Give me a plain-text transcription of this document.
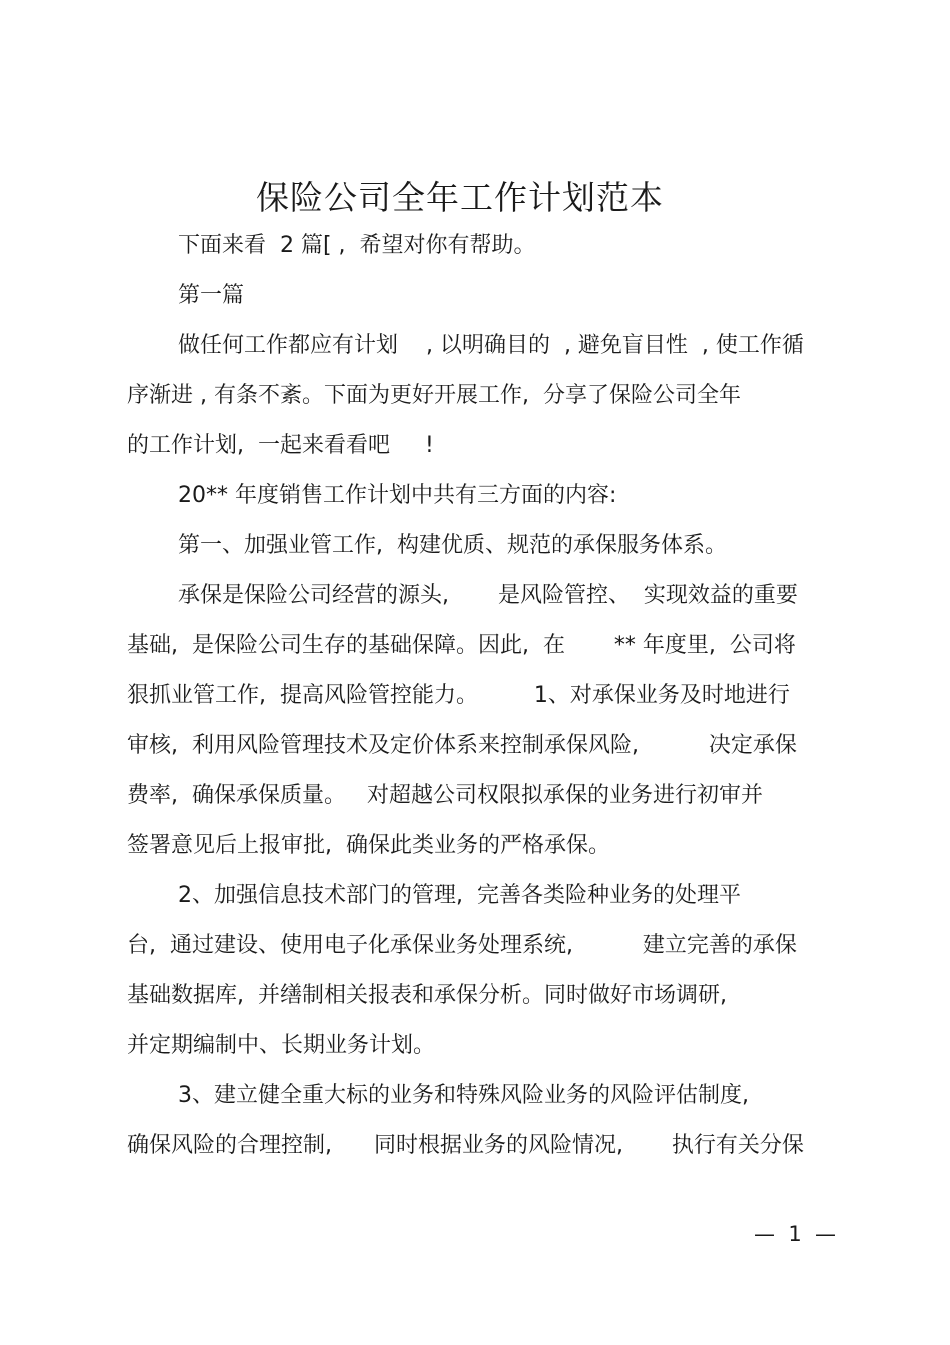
保险公司全年工作计划范本
下面来看  2 篇[ ,  希望对你有帮助。
第一篇
做任何工作都应有计划    , 以明确目的  , 避免盲目性  , 使工作循
序渐进 , 有条不紊。下面为更好开展工作,  分享了保险公司全年
的工作计划,  一起来看看吧     !
20** 年度销售工作计划中共有三方面的内容:
第一、加强业管工作,  构建优质、规范的承保服务体系。
承保是保险公司经营的源头,       是风险管控、  实现效益的重要
基础,  是保险公司生存的基础保障。因此,  在       ** 年度里,  公司将
狠抓业管工作,  提高风险管控能力。        1、对承保业务及时地进行
审核,  利用风险管理技术及定价体系来控制承保风险,          决定承保
费率,  确保承保质量。   对超越公司权限拟承保的业务进行初审并
签署意见后上报审批,  确保此类业务的严格承保。
2、加强信息技术部门的管理,  完善各类险种业务的处理平
台,  通过建设、使用电子化承保业务处理系统,          建立完善的承保
基础数据库,  并缮制相关报表和承保分析。同时做好市场调研,
并定期编制中、长期业务计划。
3、建立健全重大标的业务和特殊风险业务的风险评估制度,
确保风险的合理控制,      同时根据业务的风险情况,       执行有关分保
—  1  —
